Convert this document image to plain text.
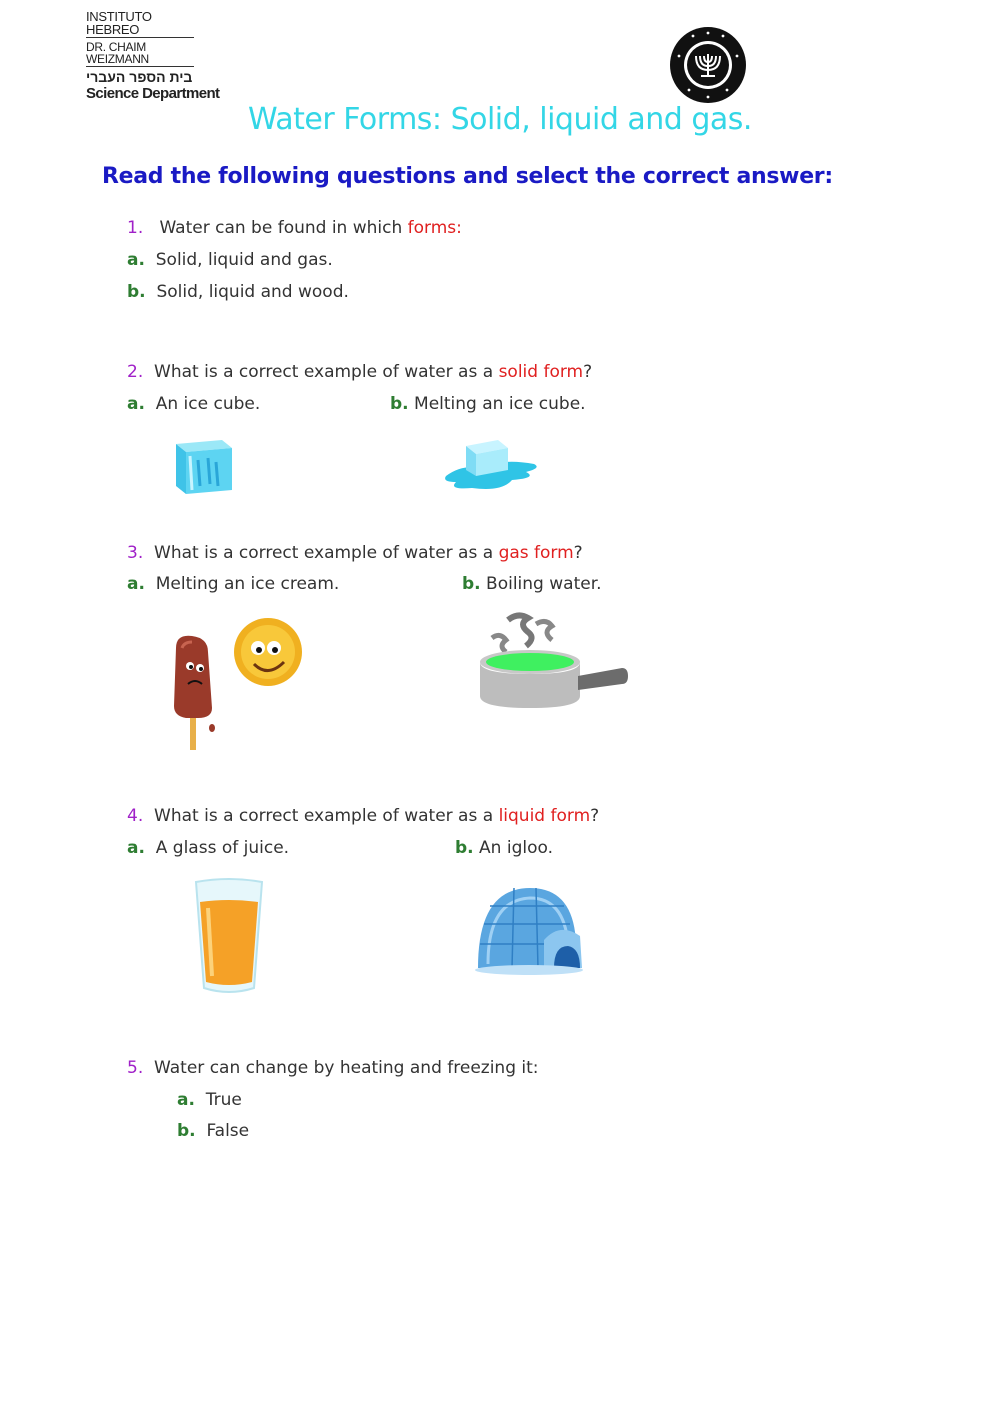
INSTITUTO HEBREO
DR. CHAIM WEIZMANN
בית הספר העברי
Science Department
Water Forms: Solid, liquid and gas.
Read the following questions and select the correct answer:
1. Water can be found in which forms:
a. Solid, liquid and gas.
b. Solid, liquid and wood.
2. What is a correct example of water as a solid form?
a. An ice cube.	b. Melting an ice cube.
3. What is a correct example of water as a gas form?
a. Melting an ice cream.	b. Boiling water.
4. What is a correct example of water as a liquid form?
a. A glass of juice.	b. An igloo.
5. Water can change by heating and freezing it:
a. True
b. False
